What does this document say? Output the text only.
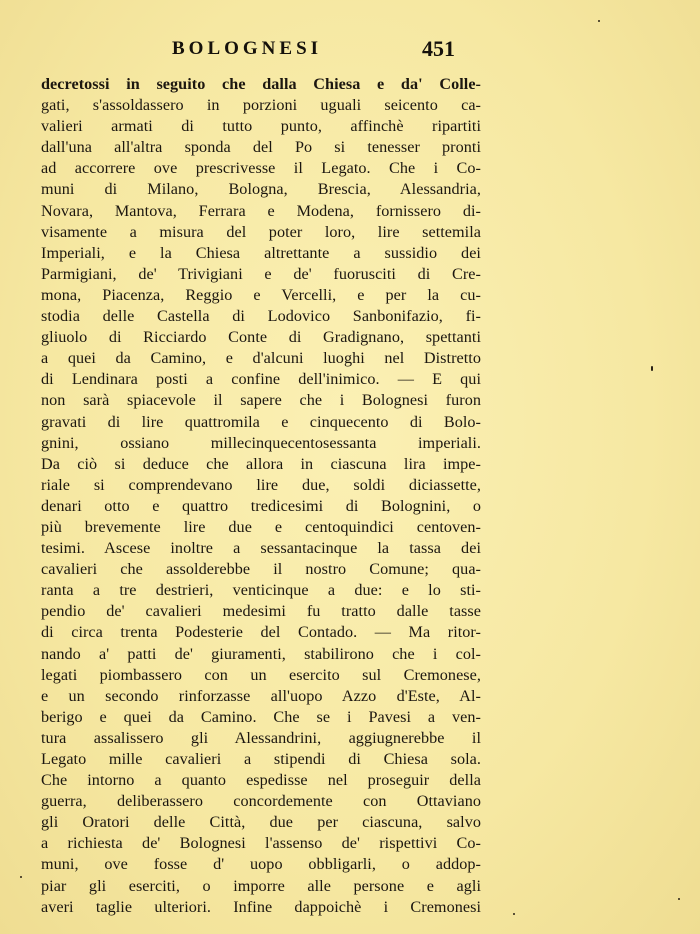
BOLOGNESI	451
decretossi in seguito che dalla Chiesa e da' Colle-
gati, s'assoldassero in porzioni uguali seicento ca-
valieri armati di tutto punto, affinchè ripartiti
dall'una all'altra sponda del Po si tenesser pronti
ad accorrere ove prescrivesse il Legato. Che i Co-
muni di Milano, Bologna, Brescia, Alessandria,
Novara, Mantova, Ferrara e Modena, fornissero di-
visamente a misura del poter loro, lire settemila
Imperiali, e la Chiesa altrettante a sussidio dei
Parmigiani, de' Trivigiani e de' fuorusciti di Cre-
mona, Piacenza, Reggio e Vercelli, e per la cu-
stodia delle Castella di Lodovico Sanbonifazio, fi-
gliuolo di Ricciardo Conte di Gradignano, spettanti
a quei da Camino, e d'alcuni luoghi nel Distretto
di Lendinara posti a confine dell'inimico. — E qui
non sarà spiacevole il sapere che i Bolognesi furon
gravati di lire quattromila e cinquecento di Bolo-
gnini, ossiano millecinquecentosessanta imperiali.
Da ciò si deduce che allora in ciascuna lira impe-
riale si comprendevano lire due, soldi diciassette,
denari otto e quattro tredicesimi di Bolognini, o
più brevemente lire due e centoquindici centoven-
tesimi. Ascese inoltre a sessantacinque la tassa dei
cavalieri che assolderebbe il nostro Comune; qua-
ranta a tre destrieri, venticinque a due: e lo sti-
pendio de' cavalieri medesimi fu tratto dalle tasse
di circa trenta Podesterie del Contado. — Ma ritor-
nando a' patti de' giuramenti, stabilirono che i col-
legati piombassero con un esercito sul Cremonese,
e un secondo rinforzasse all'uopo Azzo d'Este, Al-
berigo e quei da Camino. Che se i Pavesi a ven-
tura assalissero gli Alessandrini, aggiugnerebbe il
Legato mille cavalieri a stipendi di Chiesa sola.
Che intorno a quanto espedisse nel proseguir della
guerra, deliberassero concordemente con Ottaviano
gli Oratori delle Città, due per ciascuna, salvo
a richiesta de' Bolognesi l'assenso de' rispettivi Co-
muni, ove fosse d' uopo obbligarli, o addop-
piar gli eserciti, o imporre alle persone e agli
averi taglie ulteriori. Infine dappoichè i Cremonesi
